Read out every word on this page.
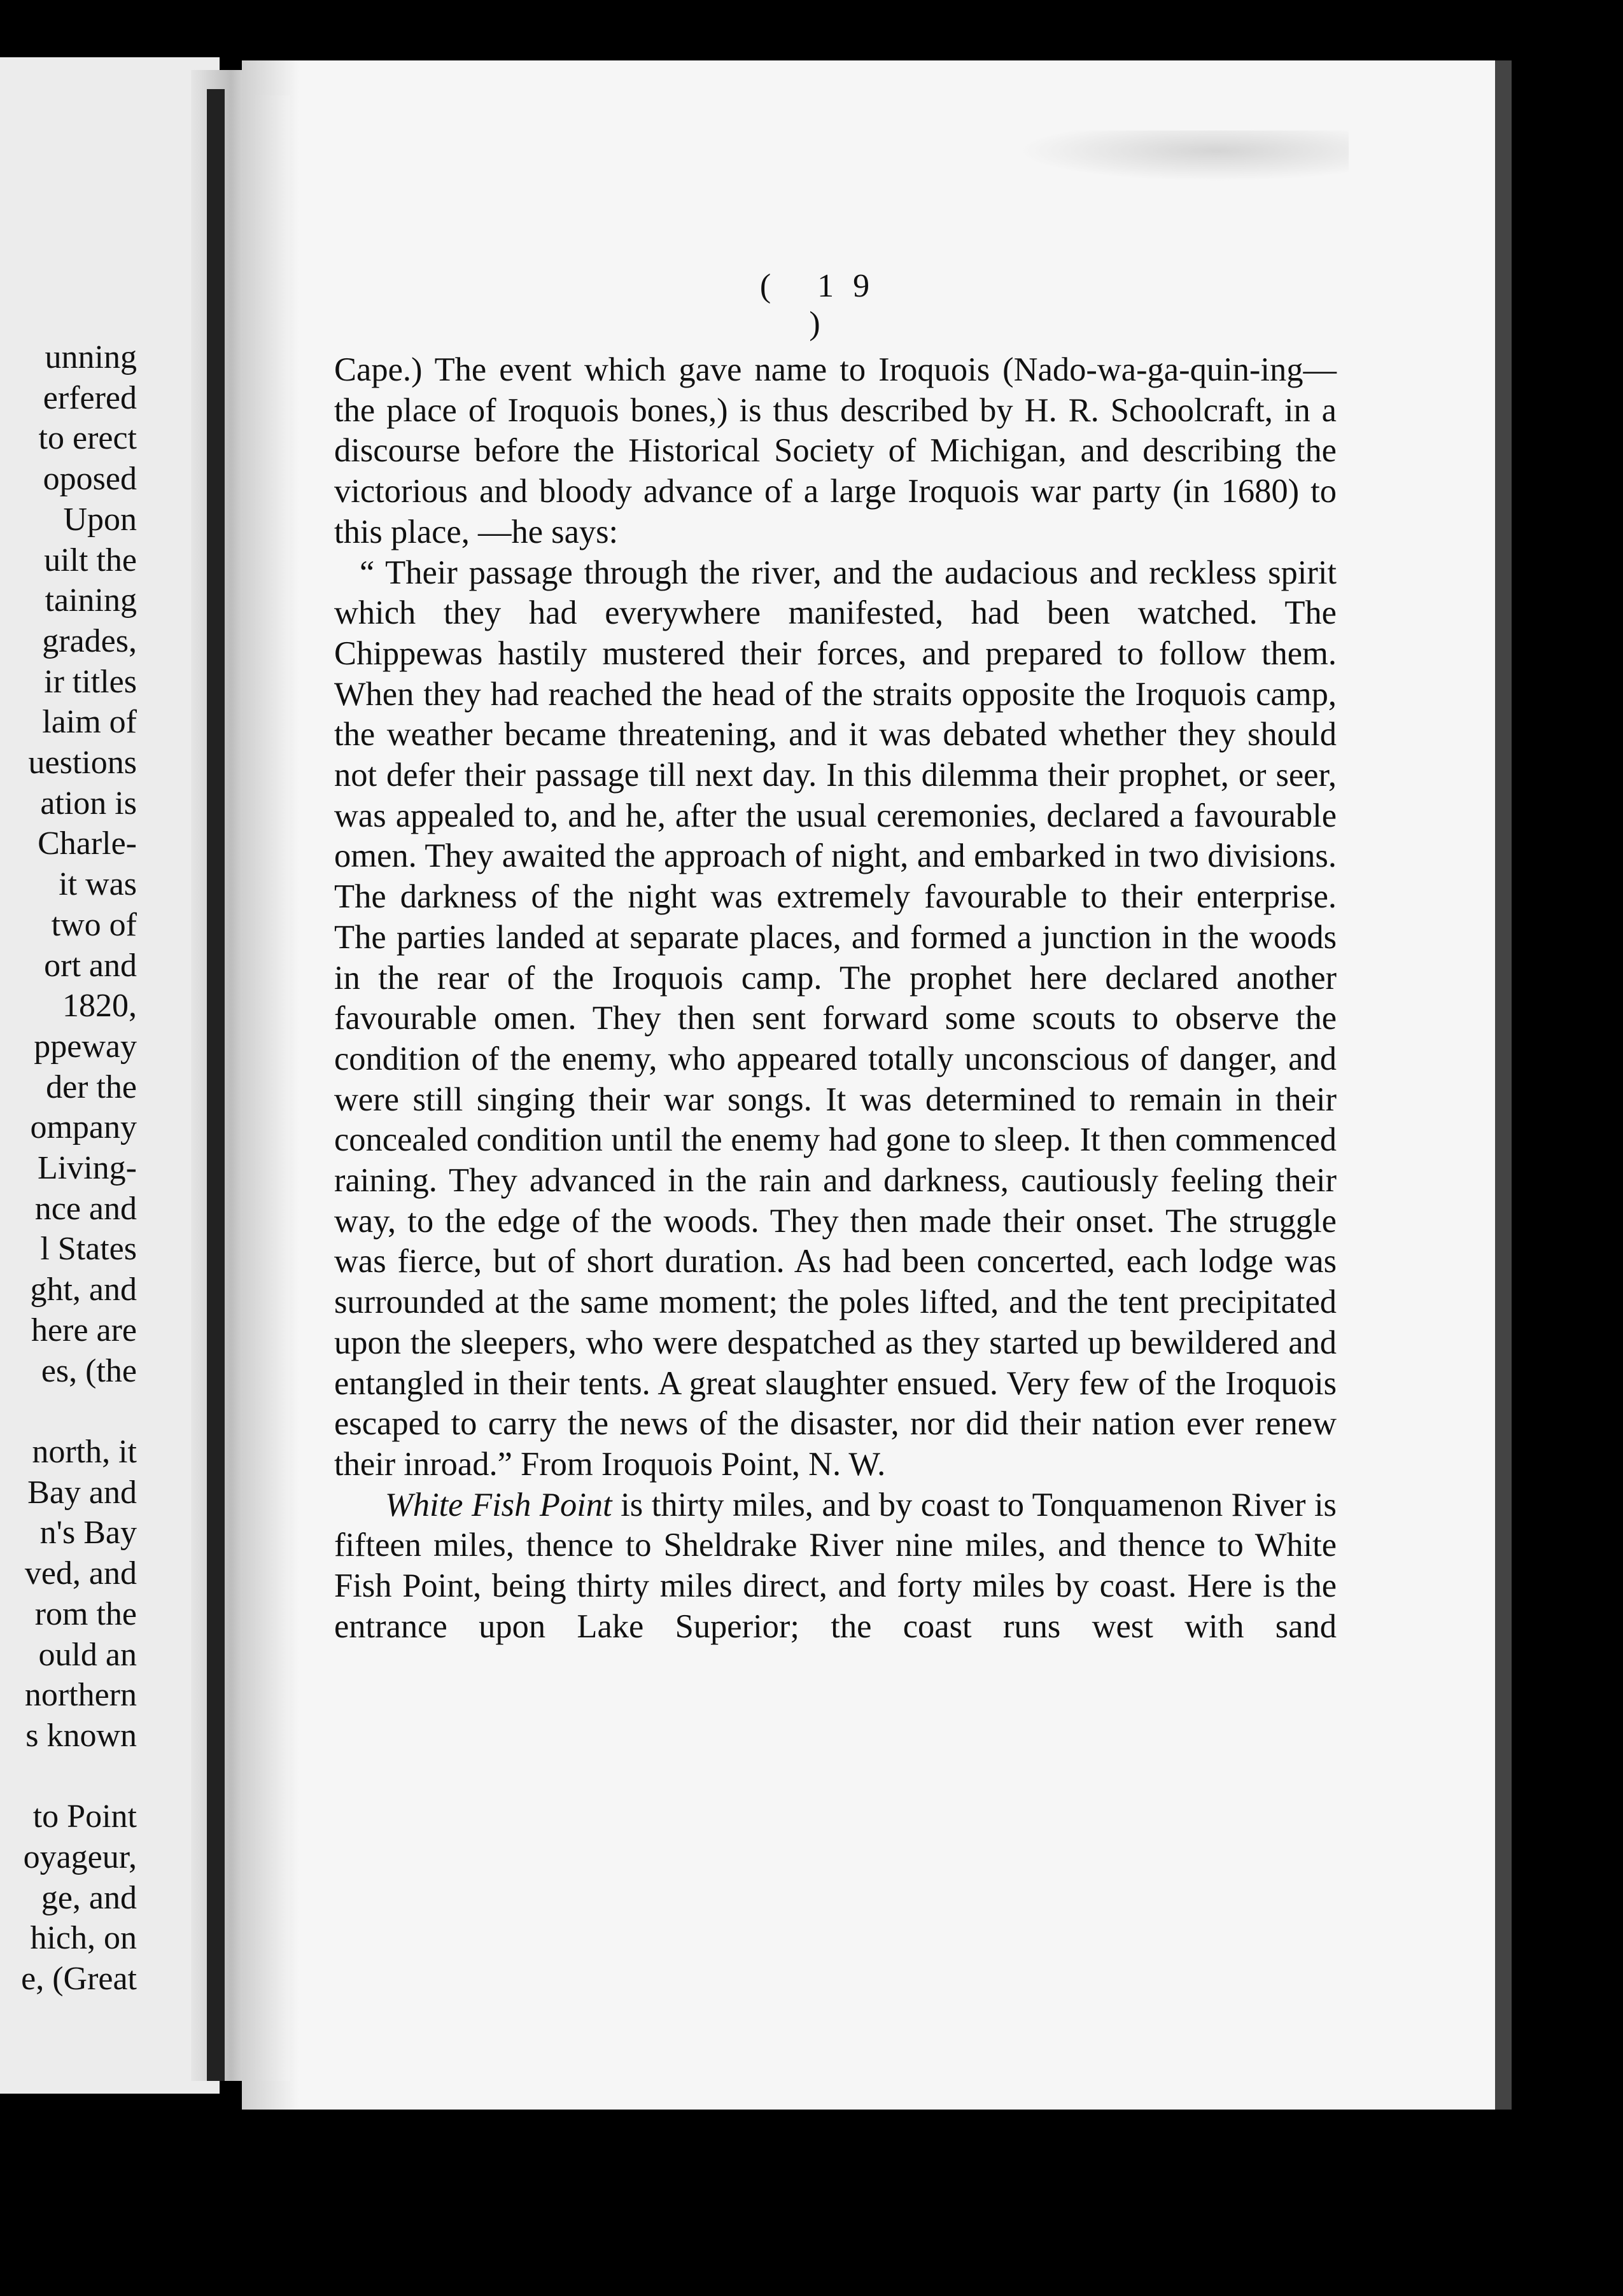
unning
erfered
to erect
oposed
Upon
uilt the
taining
grades,
ir titles
laim of
uestions
ation is
Charle-
it was
two of
ort and
1820,
ppeway
der the
ompany
Living-
nce and
l States
ght, and
here are
es, (the

north, it
Bay and
n's Bay
ved, and
rom the
ould an
northern
s known

to Point
oyageur,
ge, and
hich, on
e, (Great
( 19 )

Cape.) The event which gave name to Iroquois (Nado-wa-ga-quin-ing—the place of Iroquois bones,) is thus described by H. R. Schoolcraft, in a discourse before the Historical Society of Michigan, and describing the victorious and bloody advance of a large Iroquois war party (in 1680) to this place, —he says:

“ Their passage through the river, and the audacious and reckless spirit which they had everywhere manifested, had been watched. The Chippewas hastily mustered their forces, and prepared to follow them. When they had reached the head of the straits opposite the Iroquois camp, the weather became threatening, and it was debated whether they should not defer their passage till next day. In this dilemma their prophet, or seer, was appealed to, and he, after the usual ceremonies, declared a favourable omen. They awaited the approach of night, and embarked in two divisions. The darkness of the night was extremely favourable to their enterprise. The parties landed at separate places, and formed a junction in the woods in the rear of the Iroquois camp. The prophet here declared another favourable omen. They then sent forward some scouts to observe the condition of the enemy, who appeared totally unconscious of danger, and were still singing their war songs. It was determined to remain in their concealed condition until the enemy had gone to sleep. It then commenced raining. They advanced in the rain and darkness, cautiously feeling their way, to the edge of the woods. They then made their onset. The struggle was fierce, but of short duration. As had been concerted, each lodge was surrounded at the same moment; the poles lifted, and the tent precipitated upon the sleepers, who were despatched as they started up bewildered and entangled in their tents. A great slaughter ensued. Very few of the Iroquois escaped to carry the news of the disaster, nor did their nation ever renew their inroad.” From Iroquois Point, N. W.

White Fish Point is thirty miles, and by coast to Tonquamenon River is fifteen miles, thence to Sheldrake River nine miles, and thence to White Fish Point, being thirty miles direct, and forty miles by coast. Here is the entrance upon Lake Superior; the coast runs west with sand
